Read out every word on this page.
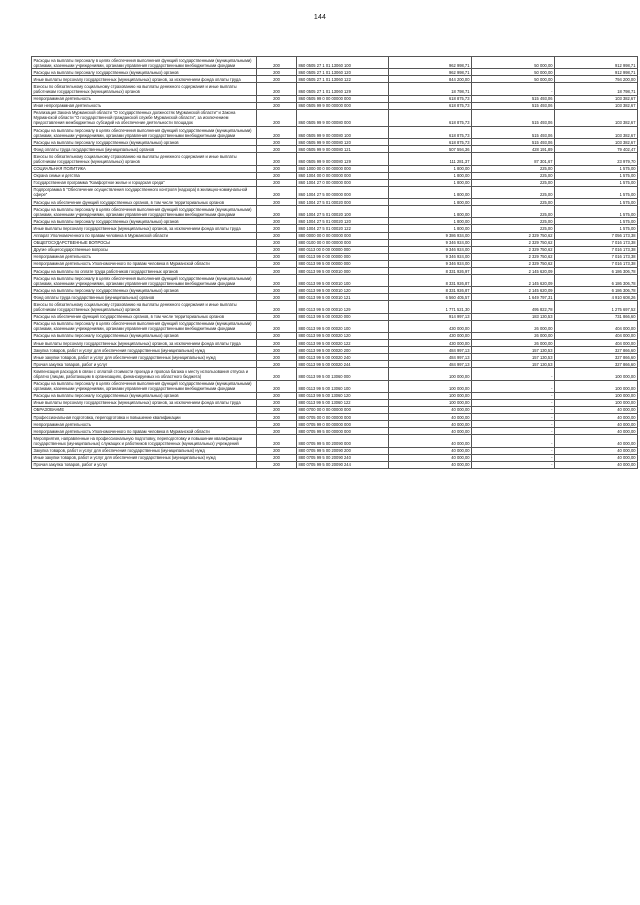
144
Расходы на выплаты персоналу в целях обеспечения выполнения функций государственными (муниципальными) органами, казенными учреждениями, органами управления государственными внебюджетными фондами	200	860 0505 27 1 01 13060 100	962 998,71	50 000,00	912 998,71
Расходы на выплаты персоналу государственных (муниципальных) органов	200	860 0505 27 1 01 13060 120	962 998,71	50 000,00	912 998,71
Иные выплаты персоналу государственных (муниципальных) органов, за исключением фонда оплаты труда	200	860 0505 27 1 01 13060 122	844 200,00	50 000,00	794 200,00
Взносы по обязательному социальному страхованию на выплаты денежного содержания и иные выплаты работникам государственных (муниципальных) органов	200	860 0505 27 1 01 13060 129	18 798,71	-	18 798,71
Непрограммная деятельность	200	860 0505 99 0 00 00000 000	618 875,73	515 493,06	103 382,67
Иная непрограммная деятельность	200	860 0505 99 9 00 00000 000	618 875,73	515 493,06	103 382,67
Реализация Закона Мурманской области "О государственных должностях Мурманской области" и Закона Мурманской области "О государственной гражданской службе Мурманской области", за исключением предоставления межбюджетных субсидий на обеспечение деятельности площадок	200	860 0505 99 9 00 00080 000	618 875,73	515 493,06	103 382,67
Расходы на выплаты персоналу в целях обеспечения выполнения функций государственными (муниципальными) органами, казенными учреждениями, органами управления государственными внебюджетными фондами	200	860 0505 99 9 00 00080 100	618 875,73	515 493,06	103 382,67
Расходы на выплаты персоналу государственных (муниципальных) органов	200	860 0505 99 9 00 00080 120	618 875,73	515 493,06	103 382,67
Фонд оплаты труда государственных (муниципальных) органов	200	860 0505 99 9 00 00080 121	507 594,36	428 191,89	79 402,47
Взносы по обязательному социальному страхованию на выплаты денежного содержания и иные выплаты работникам государственных (муниципальных) органов	200	860 0505 99 9 00 00080 129	111 281,37	87 301,67	23 979,70
СОЦИАЛЬНАЯ ПОЛИТИКА	200	860 1000 00 0 00 00000 000	1 800,00	225,00	1 575,00
Охрана семьи и детства	200	860 1004 00 0 00 00000 000	1 800,00	225,00	1 575,00
Государственная программа "Комфортное жилье и городская среда"	200	860 1004 27 0 00 00000 000	1 800,00	225,00	1 575,00
Подпрограмма 5 "Обеспечение осуществления государственного контроля (надзора) в жилищно-коммунальной сфере"	200	860 1004 27 5 00 00000 000	1 800,00	225,00	1 575,00
Расходы на обеспечение функций государственных органов, в том числе территориальных органов	200	860 1004 27 5 01 00020 000	1 800,00	225,00	1 575,00
Расходы на выплаты персоналу в целях обеспечения выполнения функций государственными (муниципальными) органами, казенными учреждениями, органами управления государственными внебюджетными фондами	200	860 1004 27 5 01 00020 100	1 800,00	225,00	1 575,00
Расходы на выплаты персоналу государственных (муниципальных) органов	200	860 1004 27 5 01 00020 120	1 800,00	225,00	1 575,00
Иные выплаты персоналу государственных (муниципальных) органов, за исключением фонда оплаты труда	200	860 1004 27 5 01 00020 122	1 800,00	225,00	1 575,00
Аппарат Уполномоченного по правам человека в Мурманской области	200	880 0000 00 0 00 00000 000	9 386 934,00	2 329 750,62	7 056 173,38
ОБЩЕГОСУДАРСТВЕННЫЕ ВОПРОСЫ	200	880 0100 00 0 00 00000 000	9 346 924,00	2 329 750,62	7 016 173,38
Другие общегосударственные вопросы	200	880 0113 00 0 00 00000 000	9 346 924,00	2 329 750,62	7 016 173,38
Непрограммная деятельность	200	880 0113 99 0 00 00000 000	9 346 924,00	2 329 750,62	7 016 173,38
Непрограммная деятельность Уполномоченного по правам человека в Мурманской области	200	880 0113 99 5 00 00000 000	9 346 924,00	2 329 750,62	7 016 173,38
Расходы на выплаты по оплате труда работников государственных органов	200	880 0113 99 5 00 00010 000	8 331 926,97	2 145 620,09	6 186 306,78
Расходы на выплаты персоналу в целях обеспечения выполнения функций государственными (муниципальными) органами, казенными учреждениями, органами управления государственными внебюджетными фондами	200	880 0113 99 5 00 00010 100	8 331 926,87	2 145 620,09	6 186 306,78
Расходы на выплаты персоналу государственных (муниципальных) органов	200	880 0113 99 5 00 00010 120	8 331 926,87	2 145 620,09	6 186 306,78
Фонд оплаты труда государственных (муниципальных) органов	200	880 0113 99 5 00 00010 121	6 560 405,57	1 649 797,31	4 910 608,26
Взносы по обязательному социальному страхованию на выплаты денежного содержания и иные выплаты работникам государственных (муниципальных) органов	200	880 0113 99 5 00 00010 129	1 771 521,30	495 822,78	1 275 697,52
Расходы на обеспечение функций государственных органов, в том числе территориальных органов	200	880 0113 99 5 00 00020 000	914 997,13	183 130,53	731 866,60
Расходы на выплаты персоналу в целях обеспечения выполнения функций государственными (муниципальными) органами, казенными учреждениями, органами управления государственными внебюджетными фондами	200	880 0113 99 5 00 00020 100	430 000,00	26 000,00	404 000,00
Расходы на выплаты персоналу государственных (муниципальных) органов	200	880 0113 99 5 00 00020 120	430 000,00	26 000,00	404 000,00
Иные выплаты персоналу государственных (муниципальных) органов, за исключением фонда оплаты труда	200	880 0113 99 5 00 00020 122	430 000,00	26 000,00	404 000,00
Закупка товаров, работ и услуг для обеспечения государственных (муниципальных) нужд	200	880 0113 99 5 00 00020 200	484 997,13	157 130,53	327 866,60
Иные закупки товаров, работ и услуг для обеспечения государственных (муниципальных) нужд	200	880 0113 99 5 00 00020 240	484 997,13	157 130,53	327 866,60
Прочая закупка товаров, работ и услуг	200	880 0113 99 5 00 00020 244	484 997,13	157 130,53	327 866,60
Компенсация расходов в связи с оплатой стоимости проезда и провоза багажа к месту использования отпуска и обратно (лицам, работающим в организациях, финансируемых из областного бюджета)	200	880 0113 99 5 00 13060 000	100 000,00	-	100 000,00
Расходы на выплаты персоналу в целях обеспечения выполнения функций государственными (муниципальными) органами, казенными учреждениями, органами управления государственными внебюджетными фондами	200	880 0113 99 5 00 13060 100	100 000,00	-	100 000,00
Расходы на выплаты персоналу государственных (муниципальных) органов	200	880 0113 99 5 00 13060 120	100 000,00	-	100 000,00
Иные выплаты персоналу государственных (муниципальных) органов, за исключением фонда оплаты труда	200	880 0113 99 5 00 13060 122	100 000,00	-	100 000,00
ОБРАЗОВАНИЕ	200	880 0700 00 0 00 00000 000	40 000,00	-	40 000,00
Профессиональная подготовка, переподготовка и повышение квалификации	200	880 0705 00 0 00 00000 000	40 000,00	-	40 000,00
Непрограммная деятельность	200	880 0705 99 0 00 00000 000	40 000,00	-	40 000,00
Непрограммная деятельность Уполномоченного по правам человека в Мурманской области	200	880 0705 99 5 00 00000 000	40 000,00	-	40 000,00
Мероприятия, направленные на профессиональную подготовку, переподготовку и повышение квалификации государственных (муниципальных) служащих и работников государственных (муниципальных) учреждений	200	880 0705 99 5 00 20090 000	40 000,00	-	40 000,00
Закупка товаров, работ и услуг для обеспечения государственных (муниципальных) нужд	200	880 0705 99 5 00 20090 200	40 000,00	-	40 000,00
Иные закупки товаров, работ и услуг для обеспечения государственных (муниципальных) нужд	200	880 0705 99 5 00 20090 240	40 000,00	-	40 000,00
Прочая закупка товаров, работ и услуг	200	880 0705 99 5 00 20090 244	40 000,00	-	40 000,00
